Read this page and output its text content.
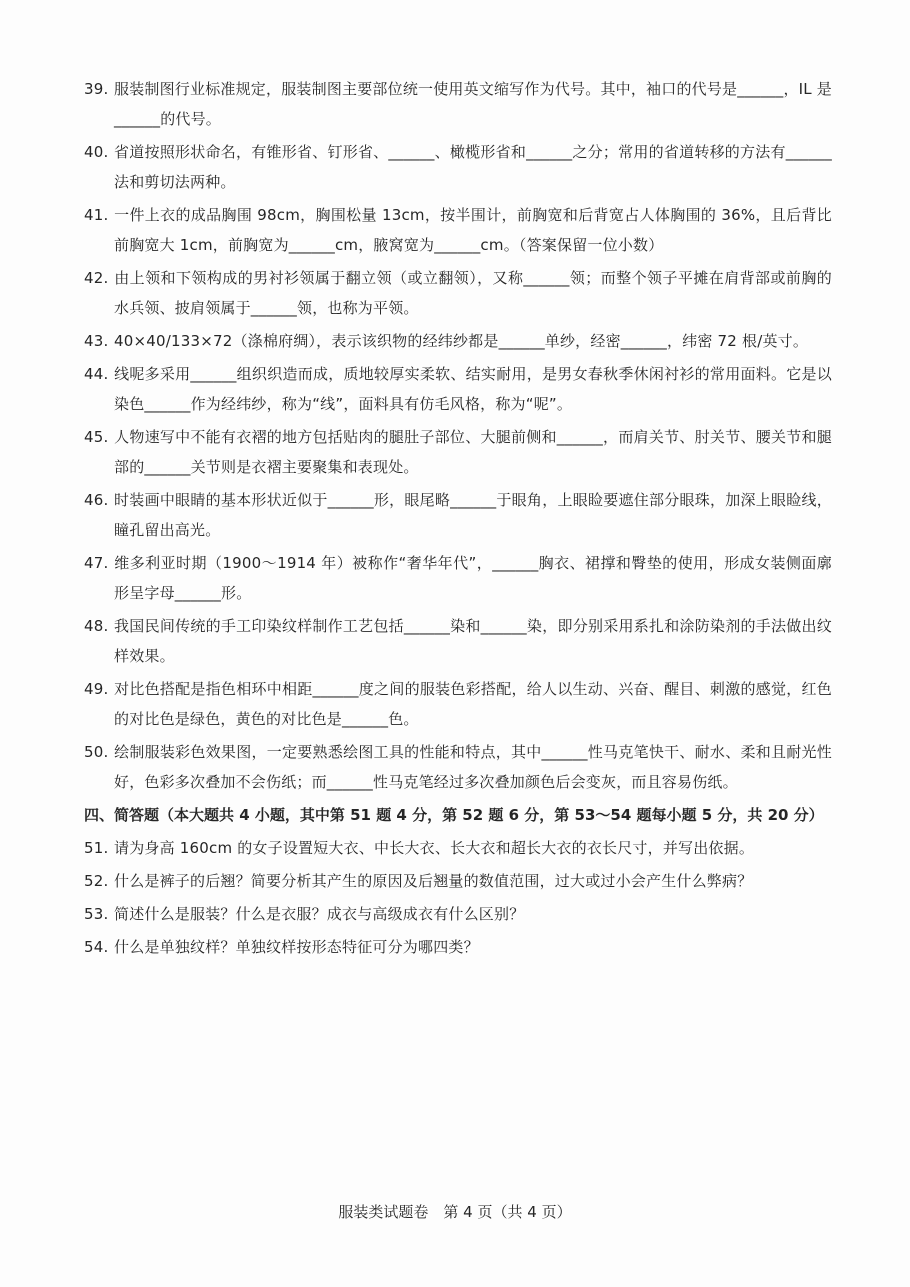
39. 服装制图行业标准规定，服装制图主要部位统一使用英文缩写作为代号。其中，袖口的代号是______，IL 是______的代号。
40. 省道按照形状命名，有锥形省、钉形省、______、橄榄形省和______之分；常用的省道转移的方法有______法和剪切法两种。
41. 一件上衣的成品胸围 98cm，胸围松量 13cm，按半围计，前胸宽和后背宽占人体胸围的 36%，且后背比前胸宽大 1cm，前胸宽为______cm，腋窝宽为______cm。（答案保留一位小数）
42. 由上领和下领构成的男衬衫领属于翻立领（或立翻领），又称______领；而整个领子平摊在肩背部或前胸的水兵领、披肩领属于______领，也称为平领。
43. 40×40/133×72（涤棉府绸），表示该织物的经纬纱都是______单纱，经密______，纬密 72 根/英寸。
44. 线呢多采用______组织织造而成，质地较厚实柔软、结实耐用，是男女春秋季休闲衬衫的常用面料。它是以染色______作为经纬纱，称为“线”，面料具有仿毛风格，称为“呢”。
45. 人物速写中不能有衣褶的地方包括贴肉的腿肚子部位、大腿前侧和______，而肩关节、肘关节、腰关节和腿部的______关节则是衣褶主要聚集和表现处。
46. 时装画中眼睛的基本形状近似于______形，眼尾略______于眼角，上眼睑要遮住部分眼珠，加深上眼睑线，瞳孔留出高光。
47. 维多利亚时期（1900～1914 年）被称作“奢华年代”，______胸衣、裙撑和臀垫的使用，形成女装侧面廓形呈字母______形。
48. 我国民间传统的手工印染纹样制作工艺包括______染和______染，即分别采用系扎和涂防染剂的手法做出纹样效果。
49. 对比色搭配是指色相环中相距______度之间的服装色彩搭配，给人以生动、兴奋、醒目、刺激的感觉，红色的对比色是绿色，黄色的对比色是______色。
50. 绘制服装彩色效果图，一定要熟悉绘图工具的性能和特点，其中______性马克笔快干、耐水、柔和且耐光性好，色彩多次叠加不会伤纸；而______性马克笔经过多次叠加颜色后会变灰，而且容易伤纸。
四、简答题（本大题共 4 小题，其中第 51 题 4 分，第 52 题 6 分，第 53～54 题每小题 5 分，共 20 分）
51. 请为身高 160cm 的女子设置短大衣、中长大衣、长大衣和超长大衣的衣长尺寸，并写出依据。
52. 什么是裤子的后翘？简要分析其产生的原因及后翘量的数值范围，过大或过小会产生什么弊病？
53. 简述什么是服装？什么是衣服？成衣与高级成衣有什么区别？
54. 什么是单独纹样？单独纹样按形态特征可分为哪四类？
服装类试题卷　第 4 页（共 4 页）
